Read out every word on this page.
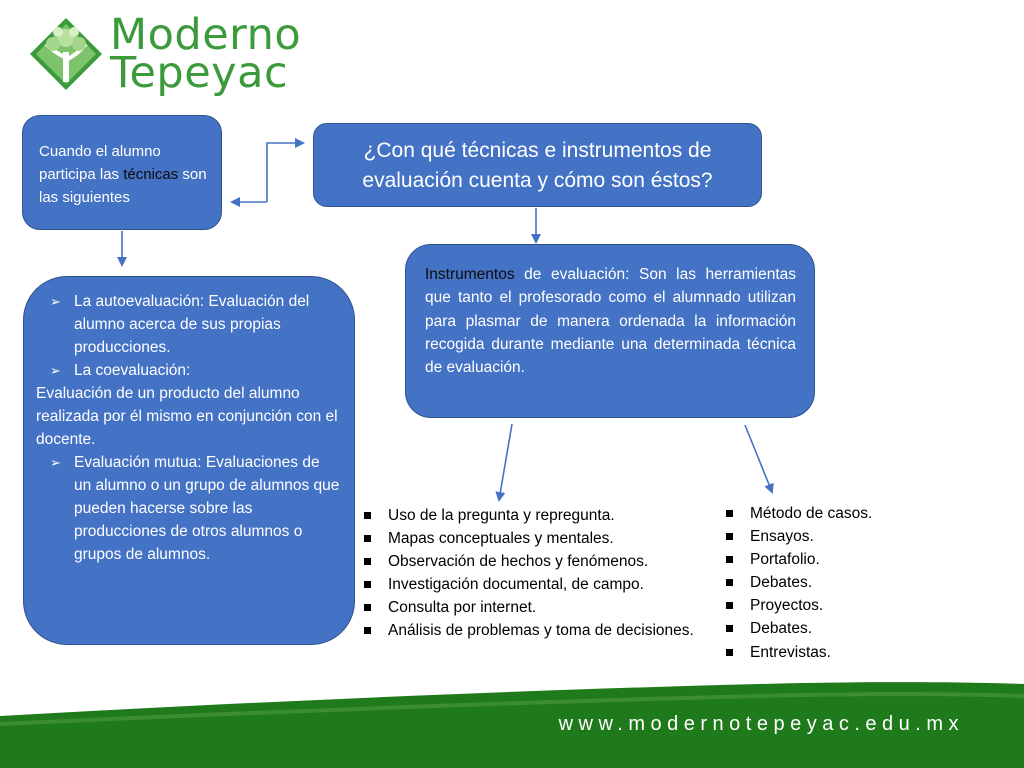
Moderno
Tepeyac
Cuando el alumno participa las técnicas son las siguientes
¿Con qué técnicas e instrumentos de evaluación cuenta y cómo son éstos?
Instrumentos de evaluación: Son las herramientas que tanto el profesorado como el alumnado utilizan para plasmar de manera ordenada la información recogida durante mediante una determinada técnica de evaluación.
➢ La autoevaluación: Evaluación del alumno acerca de sus propias producciones.
➢ La coevaluación:
Evaluación de un producto del alumno realizada por él mismo en conjunción con el docente.
➢ Evaluación mutua: Evaluaciones de un alumno o un grupo de alumnos que pueden hacerse sobre las producciones de otros alumnos o grupos de alumnos.
Uso de la pregunta y repregunta.
Mapas conceptuales y mentales.
Observación de hechos y fenómenos.
Investigación documental, de campo.
Consulta por internet.
Análisis de problemas y toma de decisiones.
Método de casos.
Ensayos.
Portafolio.
Debates.
Proyectos.
Debates.
Entrevistas.
www.modernotepeyac.edu.mx
